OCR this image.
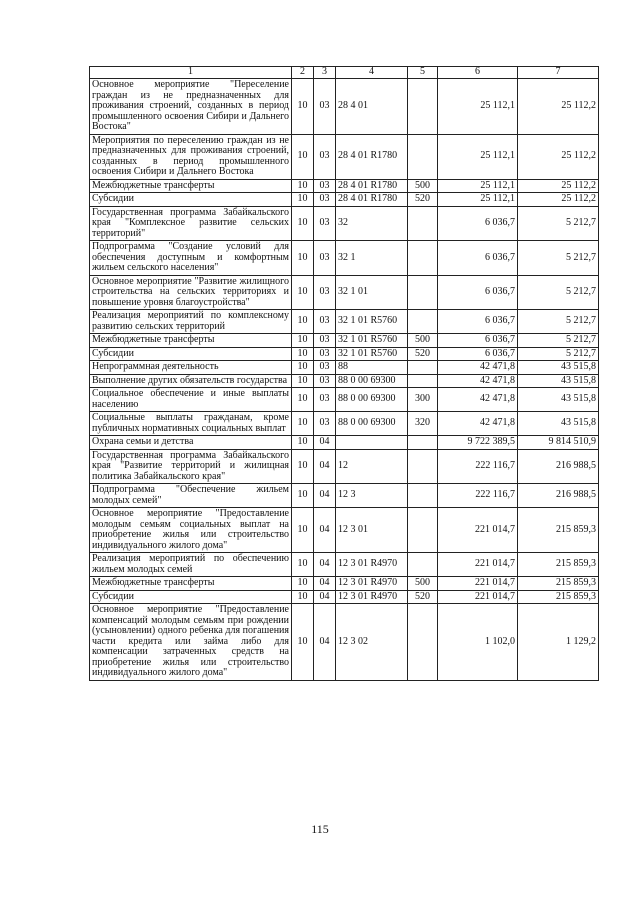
1	2	3	4	5	6	7
Основное мероприятие "Переселение граждан из не предназначенных для проживания строений, созданных в период промышленного освоения Сибири и Дальнего Востока"	10	03	28 4 01		25 112,1	25 112,2
Мероприятия по переселению граждан из не предназначенных для проживания строений, созданных в период промышленного освоения Сибири и Дальнего Востока	10	03	28 4 01 R1780		25 112,1	25 112,2
Межбюджетные трансферты	10	03	28 4 01 R1780	500	25 112,1	25 112,2
Субсидии	10	03	28 4 01 R1780	520	25 112,1	25 112,2
Государственная программа Забайкальского края "Комплексное развитие сельских территорий"	10	03	32		6 036,7	5 212,7
Подпрограмма "Создание условий для обеспечения доступным и комфортным жильем сельского населения"	10	03	32 1		6 036,7	5 212,7
Основное мероприятие "Развитие жилищного строительства на сельских территориях и повышение уровня благоустройства"	10	03	32 1 01		6 036,7	5 212,7
Реализация мероприятий по комплексному развитию сельских территорий	10	03	32 1 01 R5760		6 036,7	5 212,7
Межбюджетные трансферты	10	03	32 1 01 R5760	500	6 036,7	5 212,7
Субсидии	10	03	32 1 01 R5760	520	6 036,7	5 212,7
Непрограммная деятельность	10	03	88		42 471,8	43 515,8
Выполнение других обязательств государства	10	03	88 0 00 69300		42 471,8	43 515,8
Социальное обеспечение и иные выплаты населению	10	03	88 0 00 69300	300	42 471,8	43 515,8
Социальные выплаты гражданам, кроме публичных нормативных социальных выплат	10	03	88 0 00 69300	320	42 471,8	43 515,8
Охрана семьи и детства	10	04			9 722 389,5	9 814 510,9
Государственная программа Забайкальского края "Развитие территорий и жилищная политика Забайкальского края"	10	04	12		222 116,7	216 988,5
Подпрограмма "Обеспечение жильем молодых семей"	10	04	12 3		222 116,7	216 988,5
Основное мероприятие "Предоставление молодым семьям социальных выплат на приобретение жилья или строительство индивидуального жилого дома"	10	04	12 3 01		221 014,7	215 859,3
Реализация мероприятий по обеспечению жильем молодых семей	10	04	12 3 01 R4970		221 014,7	215 859,3
Межбюджетные трансферты	10	04	12 3 01 R4970	500	221 014,7	215 859,3
Субсидии	10	04	12 3 01 R4970	520	221 014,7	215 859,3
Основное мероприятие "Предоставление компенсаций молодым семьям при рождении (усыновлении) одного ребенка для погашения части кредита или займа либо для компенсации затраченных средств на приобретение жилья или строительство индивидуального жилого дома"	10	04	12 3 02		1 102,0	1 129,2
115
